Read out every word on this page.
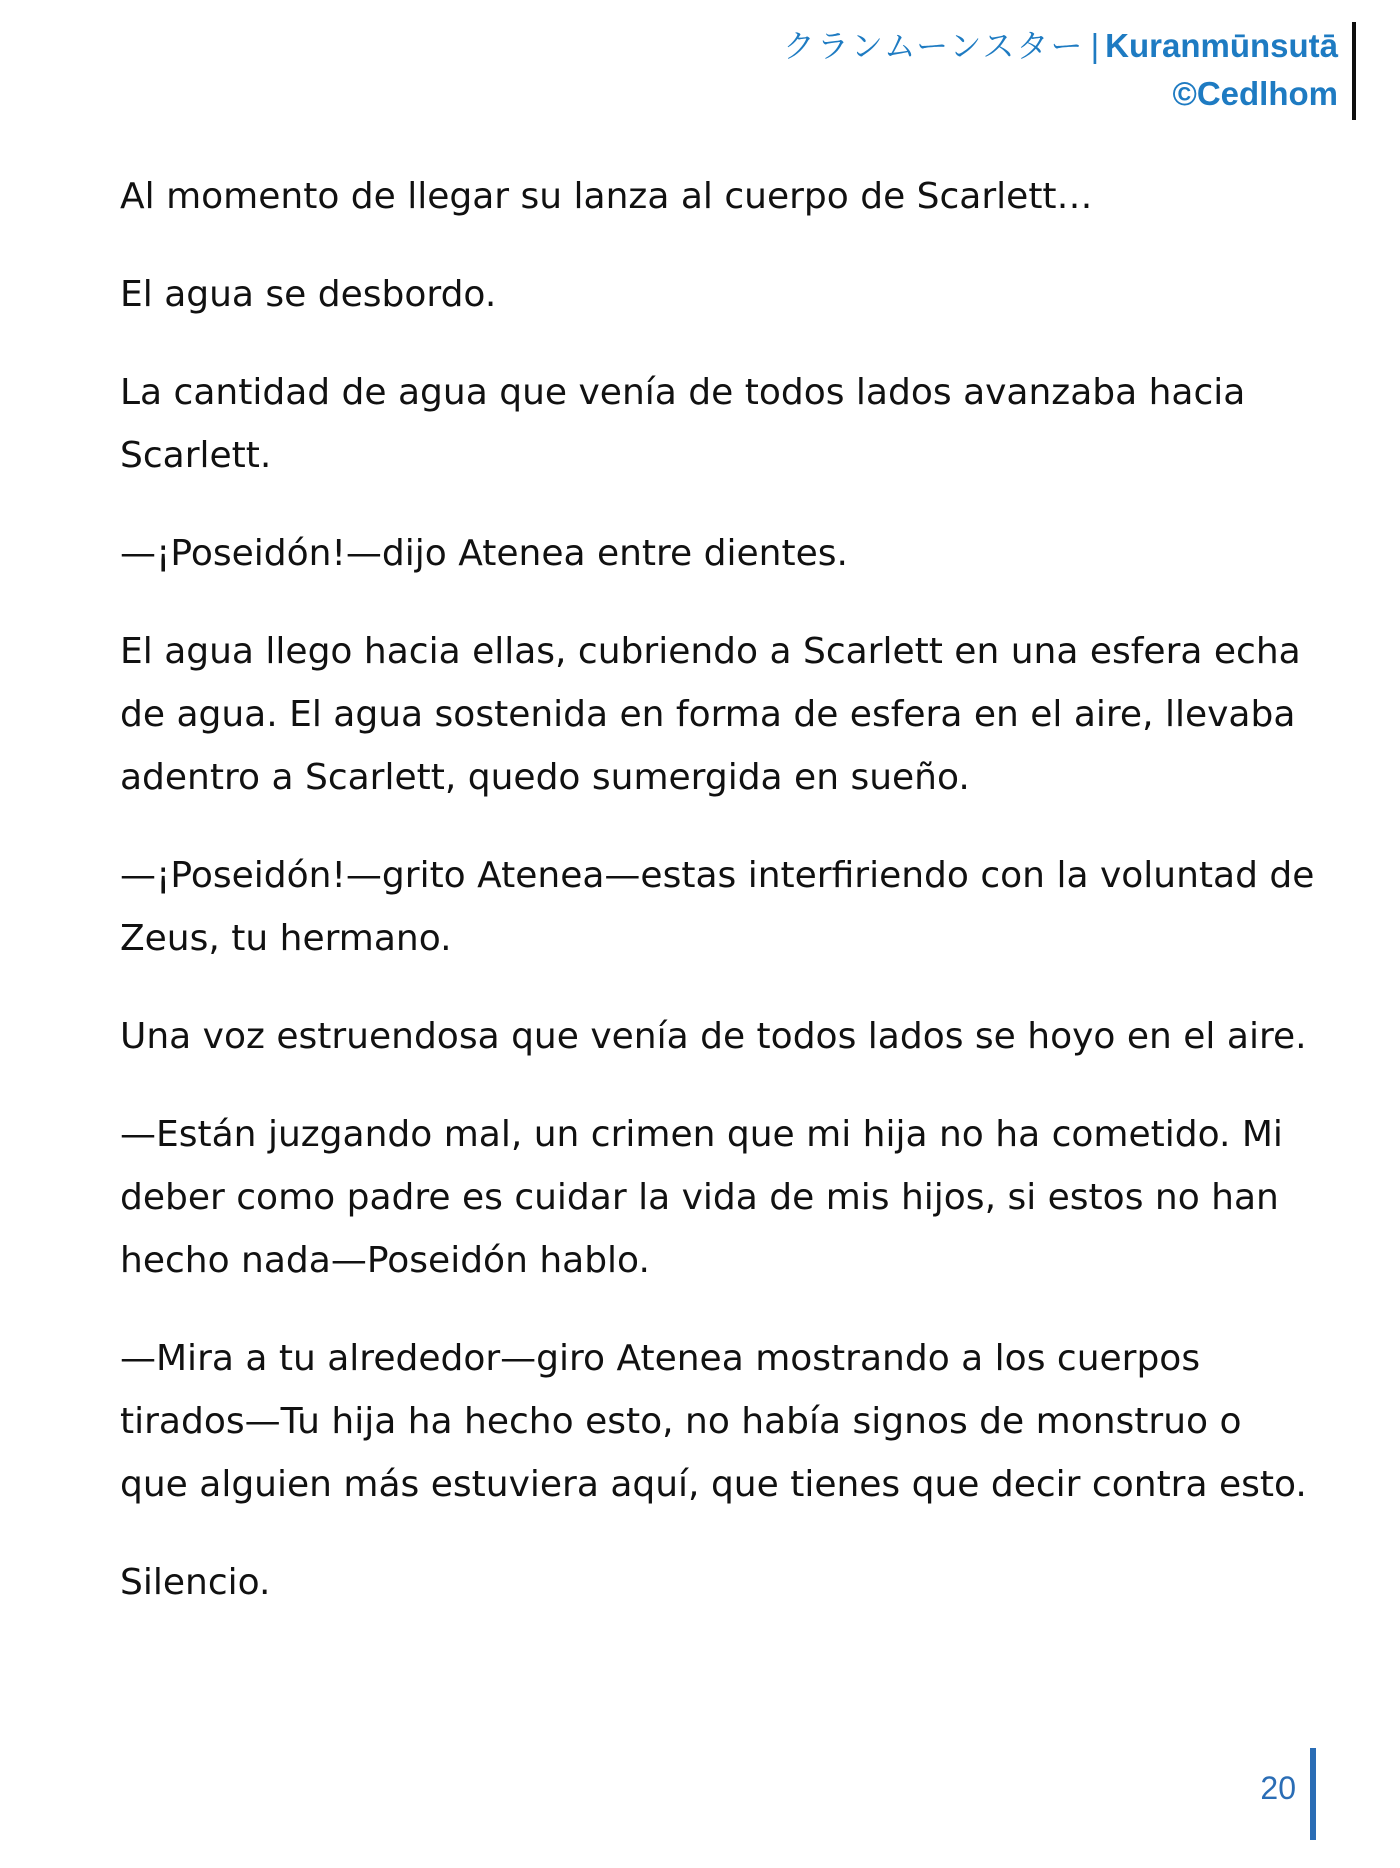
クランムーンスター | Kuranmūnsutā
©Cedlhom

Al momento de llegar su lanza al cuerpo de Scarlett…

El agua se desbordo.

La cantidad de agua que venía de todos lados avanzaba hacia Scarlett.

—¡Poseidón!—dijo Atenea entre dientes.

El agua llego hacia ellas, cubriendo a Scarlett en una esfera echa de agua. El agua sostenida en forma de esfera en el aire, llevaba adentro a Scarlett, quedo sumergida en sueño.

—¡Poseidón!—grito Atenea—estas interfiriendo con la voluntad de Zeus, tu hermano.

Una voz estruendosa que venía de todos lados se hoyo en el aire.

—Están juzgando mal, un crimen que mi hija no ha cometido. Mi deber como padre es cuidar la vida de mis hijos, si estos no han hecho nada—Poseidón hablo.

—Mira a tu alrededor—giro Atenea mostrando a los cuerpos tirados—Tu hija ha hecho esto, no había signos de monstruo o que alguien más estuviera aquí, que tienes que decir contra esto.

Silencio.

20
